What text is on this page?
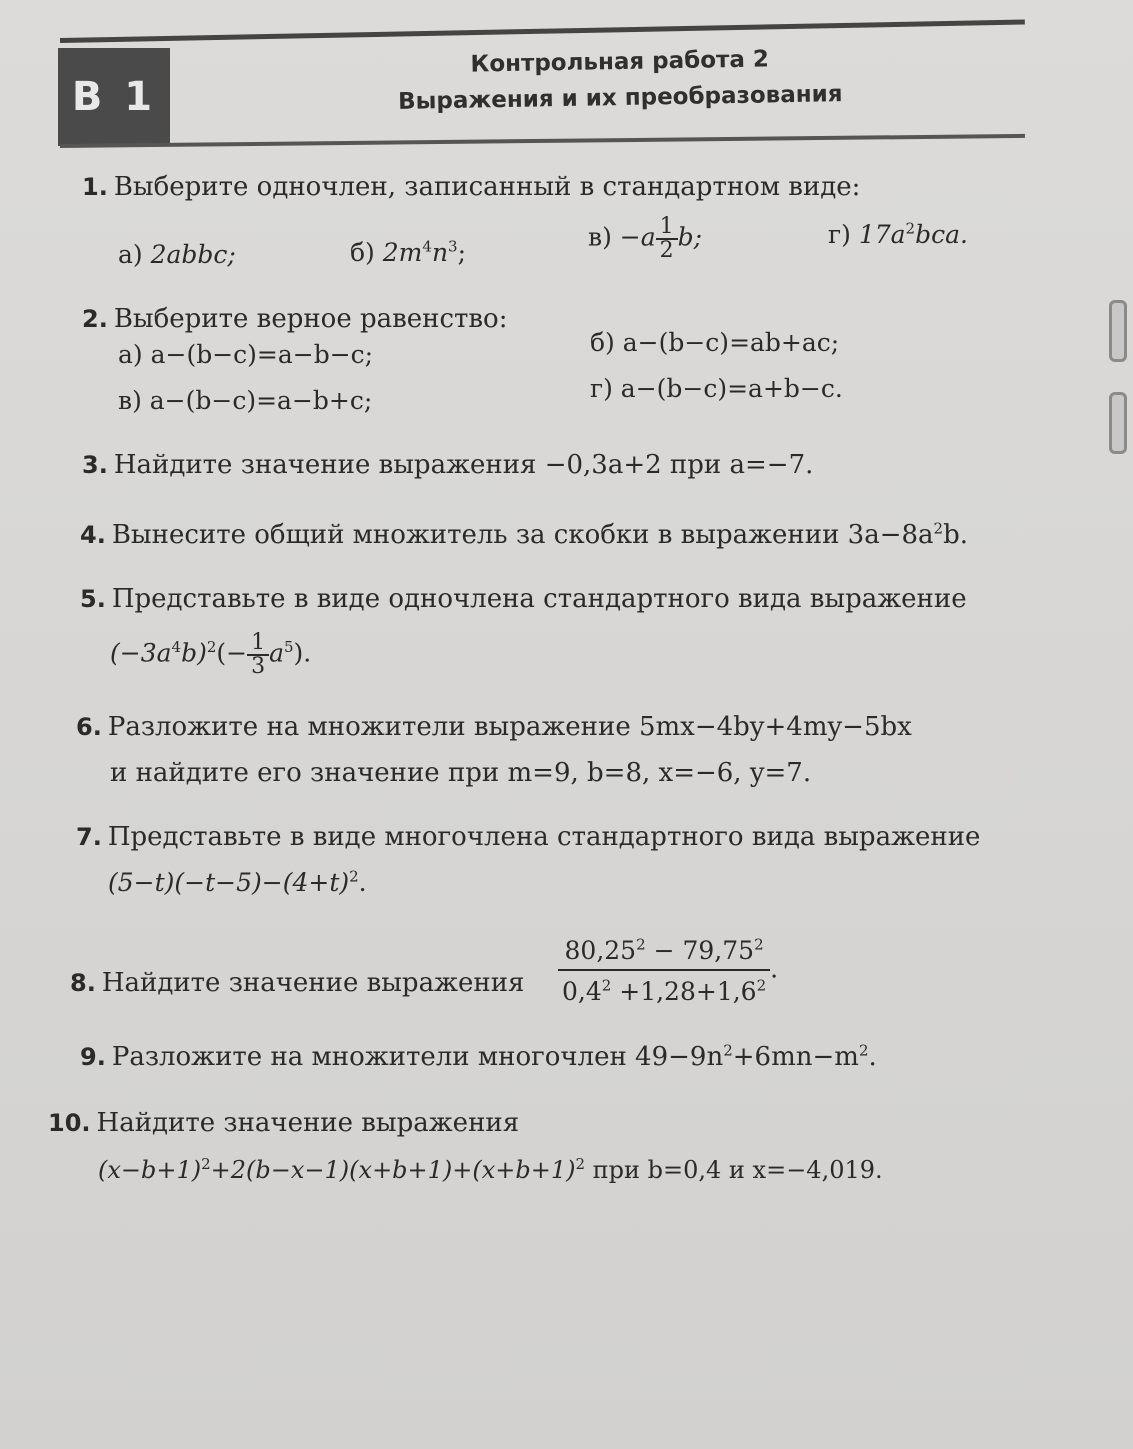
В 1
Контрольная работа 2
Выражения и их преобразования
1. Выберите одночлен, записанный в стандартном виде:
а) 2abbc;	б) $2m^4n^3$;
$в) -a \frac{1}{2} b$;	г) $17a^2bca$.
2. Выберите верное равенство:
а) a−(b−c)=a−b−c;	б) a−(b−c)=ab+ac;
в) a−(b−c)=a−b+c;	г) a−(b−c)=a+b−c.
3. Найдите значение выражения −0,3a+2 при a=−7.
4. Вынесите общий множитель за скобки в выражении $3a-8a^2b$.
5. Представьте в виде одночлена стандартного вида выражение
$(-3a^4b)^2(- \frac{1}{3} a^5)$.
6. Разложите на множители выражение 5mx−4by+4my−5bx
и найдите его значение при m=9, b=8, x=−6, y=7.
7. Представьте в виде многочлена стандартного вида выражение
$(5-t)(-t-5)-(4+t)^2$.
8. Найдите значение выражения $\frac{80,25^2 - 79,75^2}{0,4^2 +1,28+1,6^2}$ .
9. Разложите на множители многочлен $49-9n^2+6mn-m^2$.
10. Найдите значение выражения
$(x-b+1)^2+2(b-x-1)(x+b+1)+(x+b+1)^2$ при b=0,4 и x=−4,019.
